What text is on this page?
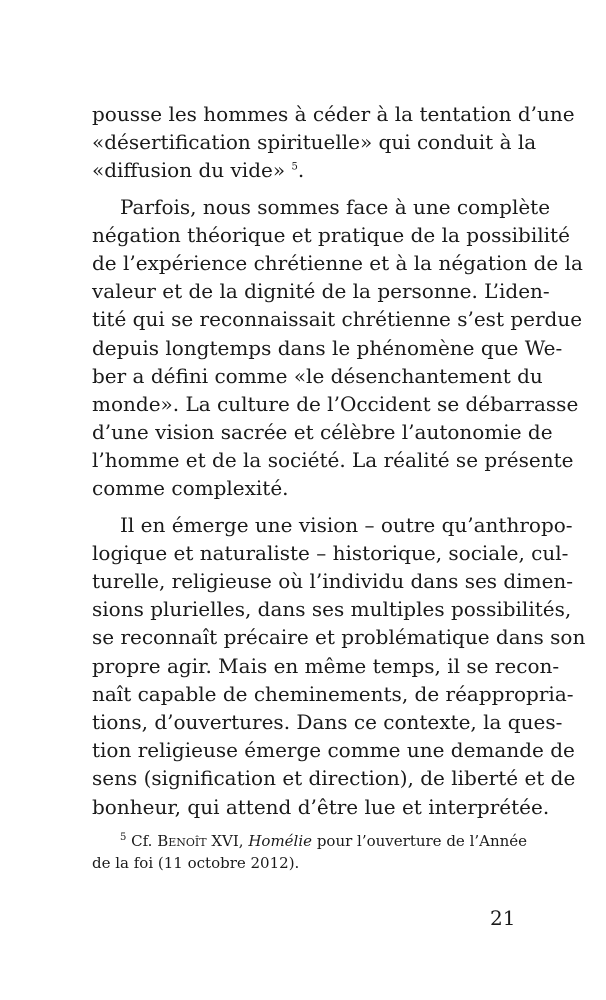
pousse les hommes à céder à la tentation d’une
«désertification spirituelle» qui conduit à la
«diffusion du vide» $^5$.
Parfois, nous sommes face à une complète
négation théorique et pratique de la possibilité
de l’expérience chrétienne et à la négation de la
valeur et de la dignité de la personne. L’iden-
tité qui se reconnaissait chrétienne s’est perdue
depuis longtemps dans le phénomène que We-
ber a défini comme «le désenchantement du
monde». La culture de l’Occident se débarrasse
d’une vision sacrée et célèbre l’autonomie de
l’homme et de la société. La réalité se présente
comme complexité.
Il en émerge une vision – outre qu’anthropo-
logique et naturaliste – historique, sociale, cul-
turelle, religieuse où l’individu dans ses dimen-
sions plurielles, dans ses multiples possibilités,
se reconnaît précaire et problématique dans son
propre agir. Mais en même temps, il se recon-
naît capable de cheminements, de réappropria-
tions, d’ouvertures. Dans ce contexte, la ques-
tion religieuse émerge comme une demande de
sens (signification et direction), de liberté et de
bonheur, qui attend d’être lue et interprétée.
$^5$ Cf. Benoît XVI, Homélie pour l’ouverture de l’Année
de la foi (11 octobre 2012).
21
